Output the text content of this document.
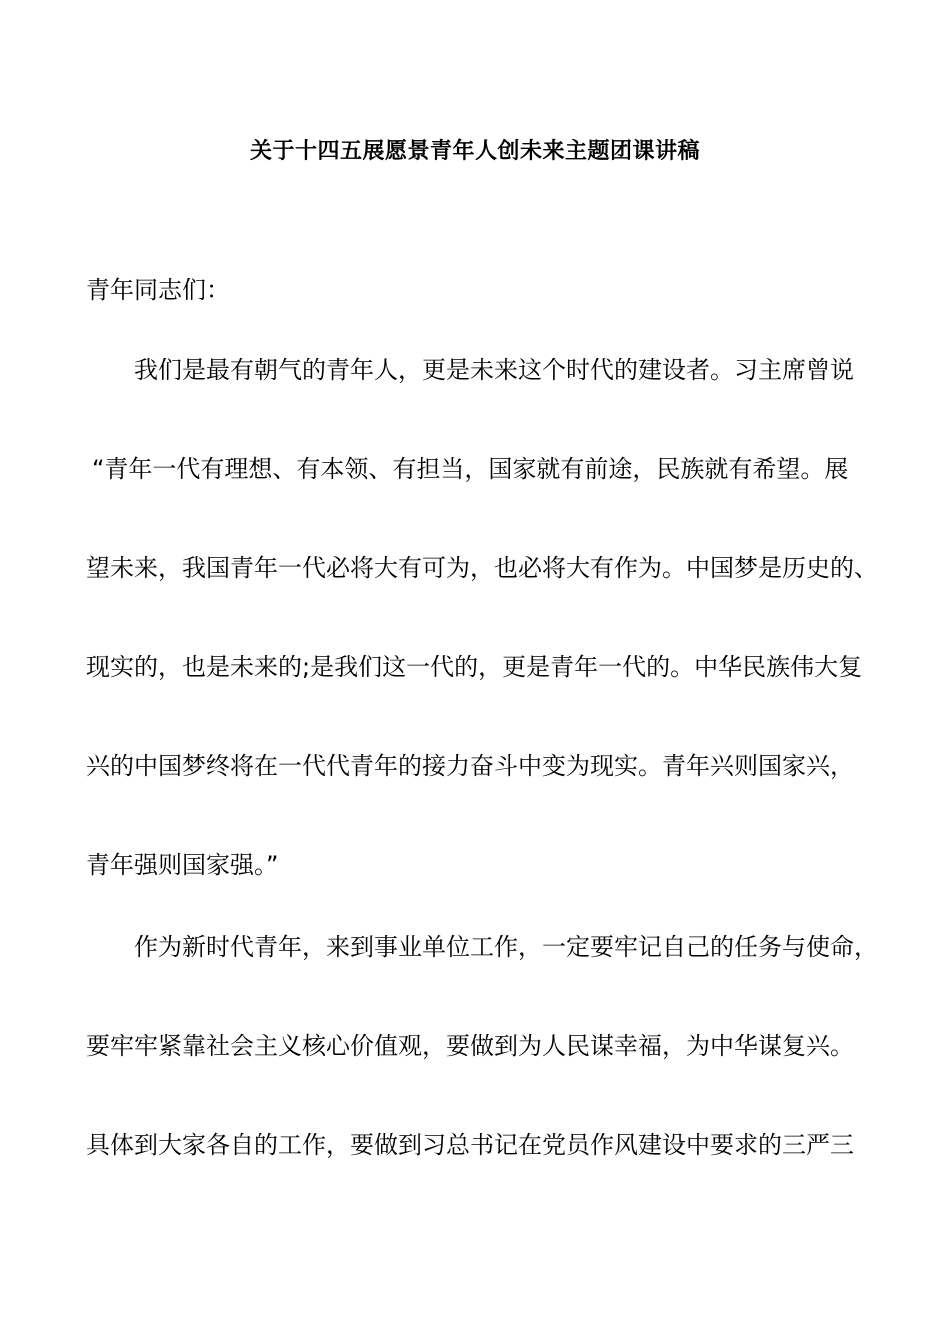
关于十四五展愿景青年人创未来主题团课讲稿
青年同志们：
我们是最有朝气的青年人，更是未来这个时代的建设者。习主席曾说
“青年一代有理想、有本领、有担当，国家就有前途，民族就有希望。展
望未来，我国青年一代必将大有可为，也必将大有作为。中国梦是历史的、
现实的，也是未来的;是我们这一代的，更是青年一代的。中华民族伟大复
兴的中国梦终将在一代代青年的接力奋斗中变为现实。青年兴则国家兴，
青年强则国家强。”
作为新时代青年，来到事业单位工作，一定要牢记自己的任务与使命，
要牢牢紧靠社会主义核心价值观，要做到为人民谋幸福，为中华谋复兴。
具体到大家各自的工作，要做到习总书记在党员作风建设中要求的三严三
